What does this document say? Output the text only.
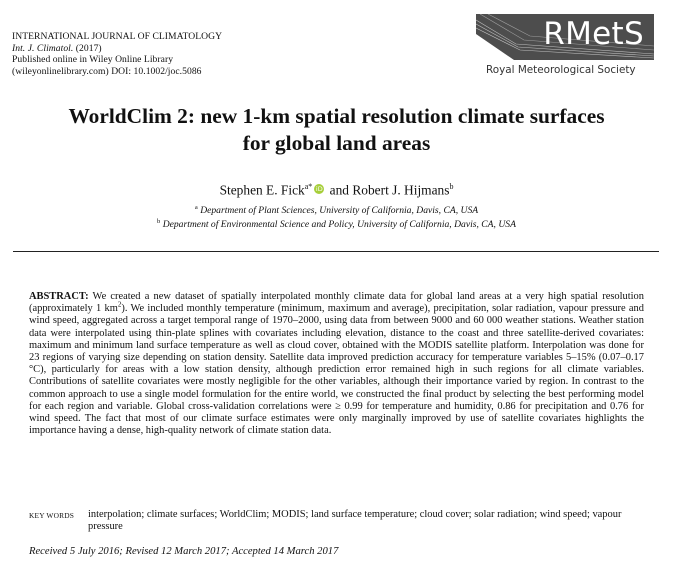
INTERNATIONAL JOURNAL OF CLIMATOLOGY
Int. J. Climatol. (2017)
Published online in Wiley Online Library
(wileyonlinelibrary.com) DOI: 10.1002/joc.5086
RMetS
Royal Meteorological Society
WorldClim 2: new 1-km spatial resolution climate surfaces
for global land areas
Stephen E. Fick$^{a*}$ iD and Robert J. Hijmans$^b$
$^a$ Department of Plant Sciences, University of California, Davis, CA, USA
$^b$ Department of Environmental Science and Policy, University of California, Davis, CA, USA
ABSTRACT: We created a new dataset of spatially interpolated monthly climate data for global land areas at a very high spatial resolution (approximately 1 $km^2$). We included monthly temperature (minimum, maximum and average), precipitation, solar radiation, vapour pressure and wind speed, aggregated across a target temporal range of 1970–2000, using data from between 9000 and 60 000 weather stations. Weather station data were interpolated using thin-plate splines with covariates including elevation, distance to the coast and three satellite-derived covariates: maximum and minimum land surface temperature as well as cloud cover, obtained with the MODIS satellite platform. Interpolation was done for 23 regions of varying size depending on station density. Satellite data improved prediction accuracy for temperature variables 5–15% (0.07–0.17 °C), particularly for areas with a low station density, although prediction error remained high in such regions for all climate variables. Contributions of satellite covariates were mostly negligible for the other variables, although their importance varied by region. In contrast to the common approach to use a single model formulation for the entire world, we constructed the final product by selecting the best performing model for each region and variable. Global cross-validation correlations were ≥ 0.99 for temperature and humidity, 0.86 for precipitation and 0.76 for wind speed. The fact that most of our climate surface estimates were only marginally improved by use of satellite covariates highlights the importance having a dense, high-quality network of climate station data.
KEY WORDS interpolation; climate surfaces; WorldClim; MODIS; land surface temperature; cloud cover; solar radiation; wind speed; vapour pressure
Received 5 July 2016; Revised 12 March 2017; Accepted 14 March 2017
